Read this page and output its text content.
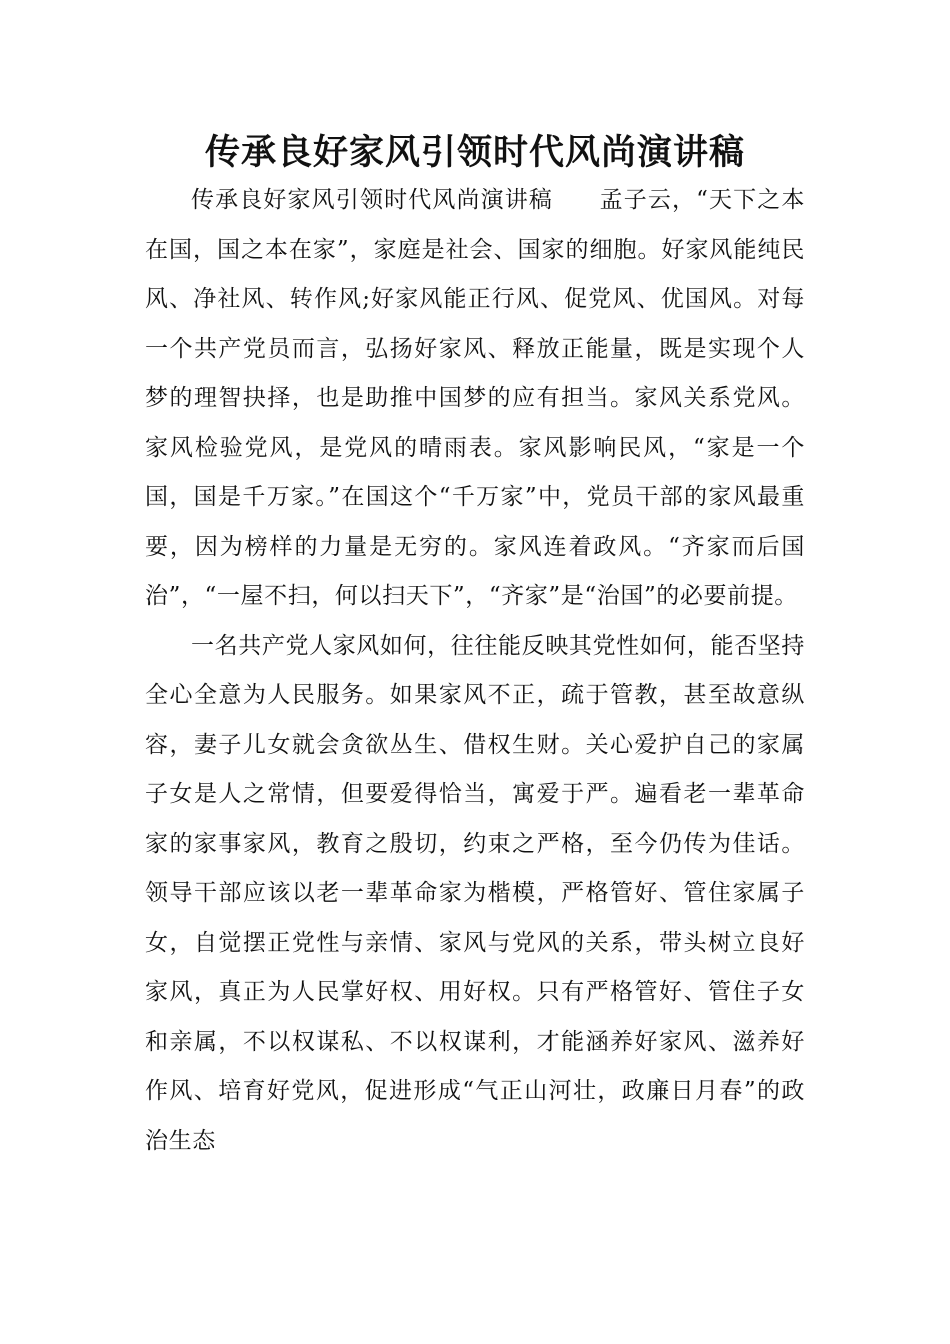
传承良好家风引领时代风尚演讲稿

传承良好家风引领时代风尚演讲稿 孟子云，“天下之本在国，国之本在家”，家庭是社会、国家的细胞。好家风能纯民风、净社风、转作风;好家风能正行风、促党风、优国风。对每一个共产党员而言，弘扬好家风、释放正能量，既是实现个人梦的理智抉择，也是助推中国梦的应有担当。家风关系党风。家风检验党风，是党风的晴雨表。家风影响民风，“家是一个国，国是千万家。”在国这个“千万家”中，党员干部的家风最重要，因为榜样的力量是无穷的。家风连着政风。“齐家而后国治”，“一屋不扫，何以扫天下”，“齐家”是“治国”的必要前提。

一名共产党人家风如何，往往能反映其党性如何，能否坚持全心全意为人民服务。如果家风不正，疏于管教，甚至故意纵容，妻子儿女就会贪欲丛生、借权生财。关心爱护自己的家属子女是人之常情，但要爱得恰当，寓爱于严。遍看老一辈革命家的家事家风，教育之殷切，约束之严格，至今仍传为佳话。领导干部应该以老一辈革命家为楷模，严格管好、管住家属子女，自觉摆正党性与亲情、家风与党风的关系，带头树立良好家风，真正为人民掌好权、用好权。只有严格管好、管住子女和亲属，不以权谋私、不以权谋利，才能涵养好家风、滋养好作风、培育好党风，促进形成“气正山河壮，政廉日月春”的政治生态
